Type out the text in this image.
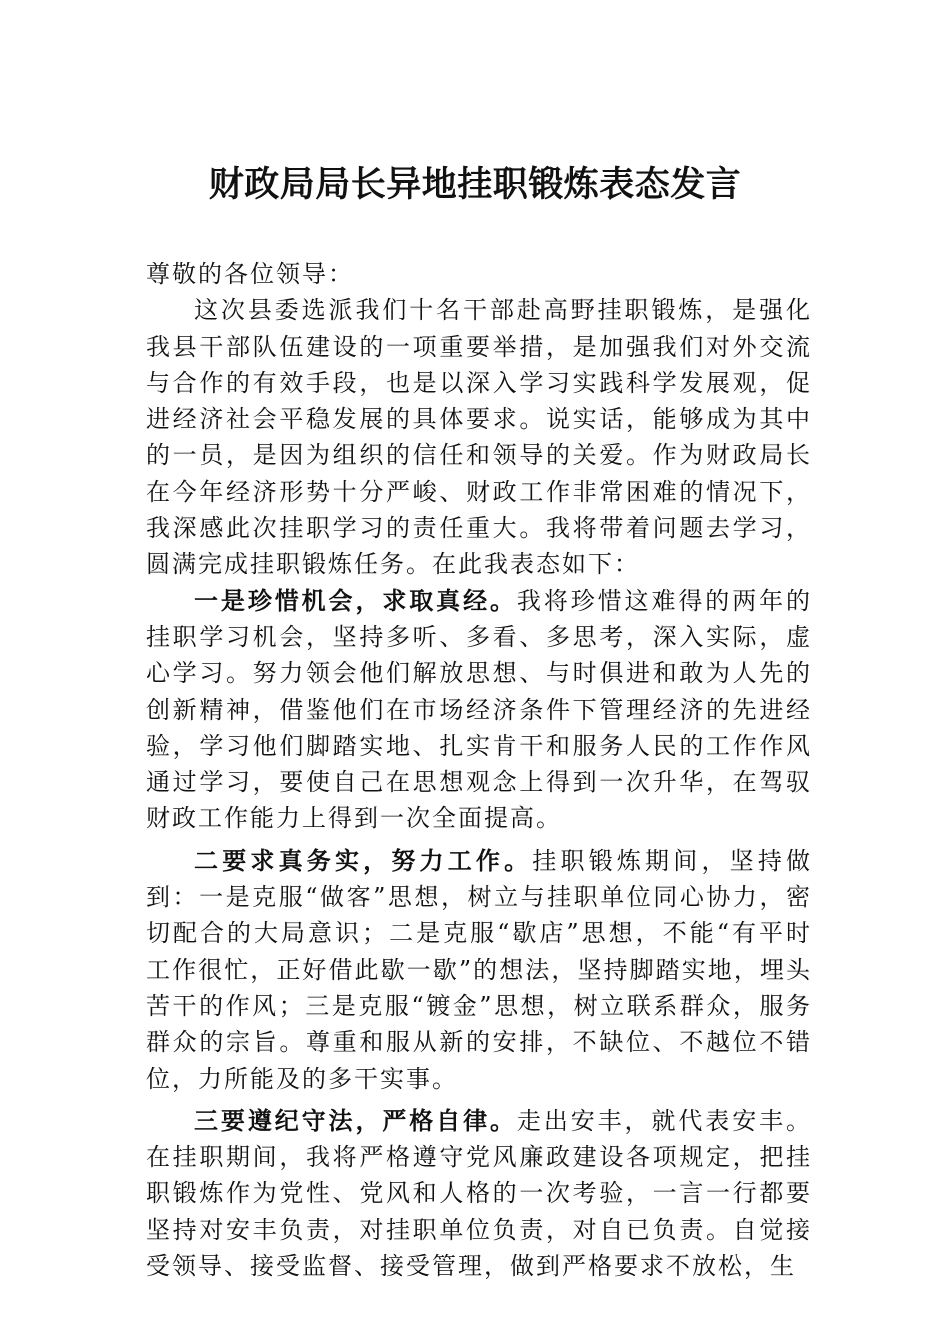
财政局局长异地挂职锻炼表态发言

尊敬的各位领导：

这次县委选派我们十名干部赴高野挂职锻炼，是强化我县干部队伍建设的一项重要举措，是加强我们对外交流与合作的有效手段，也是以深入学习实践科学发展观，促进经济社会平稳发展的具体要求。说实话，能够成为其中的一员，是因为组织的信任和领导的关爱。作为财政局长在今年经济形势十分严峻、财政工作非常困难的情况下，我深感此次挂职学习的责任重大。我将带着问题去学习，圆满完成挂职锻炼任务。在此我表态如下：

一是珍惜机会，求取真经。我将珍惜这难得的两年的挂职学习机会，坚持多听、多看、多思考，深入实际，虚心学习。努力领会他们解放思想、与时俱进和敢为人先的创新精神，借鉴他们在市场经济条件下管理经济的先进经验，学习他们脚踏实地、扎实肯干和服务人民的工作作风通过学习，要使自己在思想观念上得到一次升华，在驾驭财政工作能力上得到一次全面提高。

二要求真务实，努力工作。挂职锻炼期间，坚持做到：一是克服“做客”思想，树立与挂职单位同心协力，密切配合的大局意识；二是克服“歇店”思想，不能“有平时工作很忙，正好借此歇一歇”的想法，坚持脚踏实地，埋头苦干的作风；三是克服“镀金”思想，树立联系群众，服务群众的宗旨。尊重和服从新的安排，不缺位、不越位不错位，力所能及的多干实事。

三要遵纪守法，严格自律。走出安丰，就代表安丰。在挂职期间，我将严格遵守党风廉政建设各项规定，把挂职锻炼作为党性、党风和人格的一次考验，一言一行都要坚持对安丰负责，对挂职单位负责，对自已负责。自觉接受领导、接受监督、接受管理，做到严格要求不放松，生
